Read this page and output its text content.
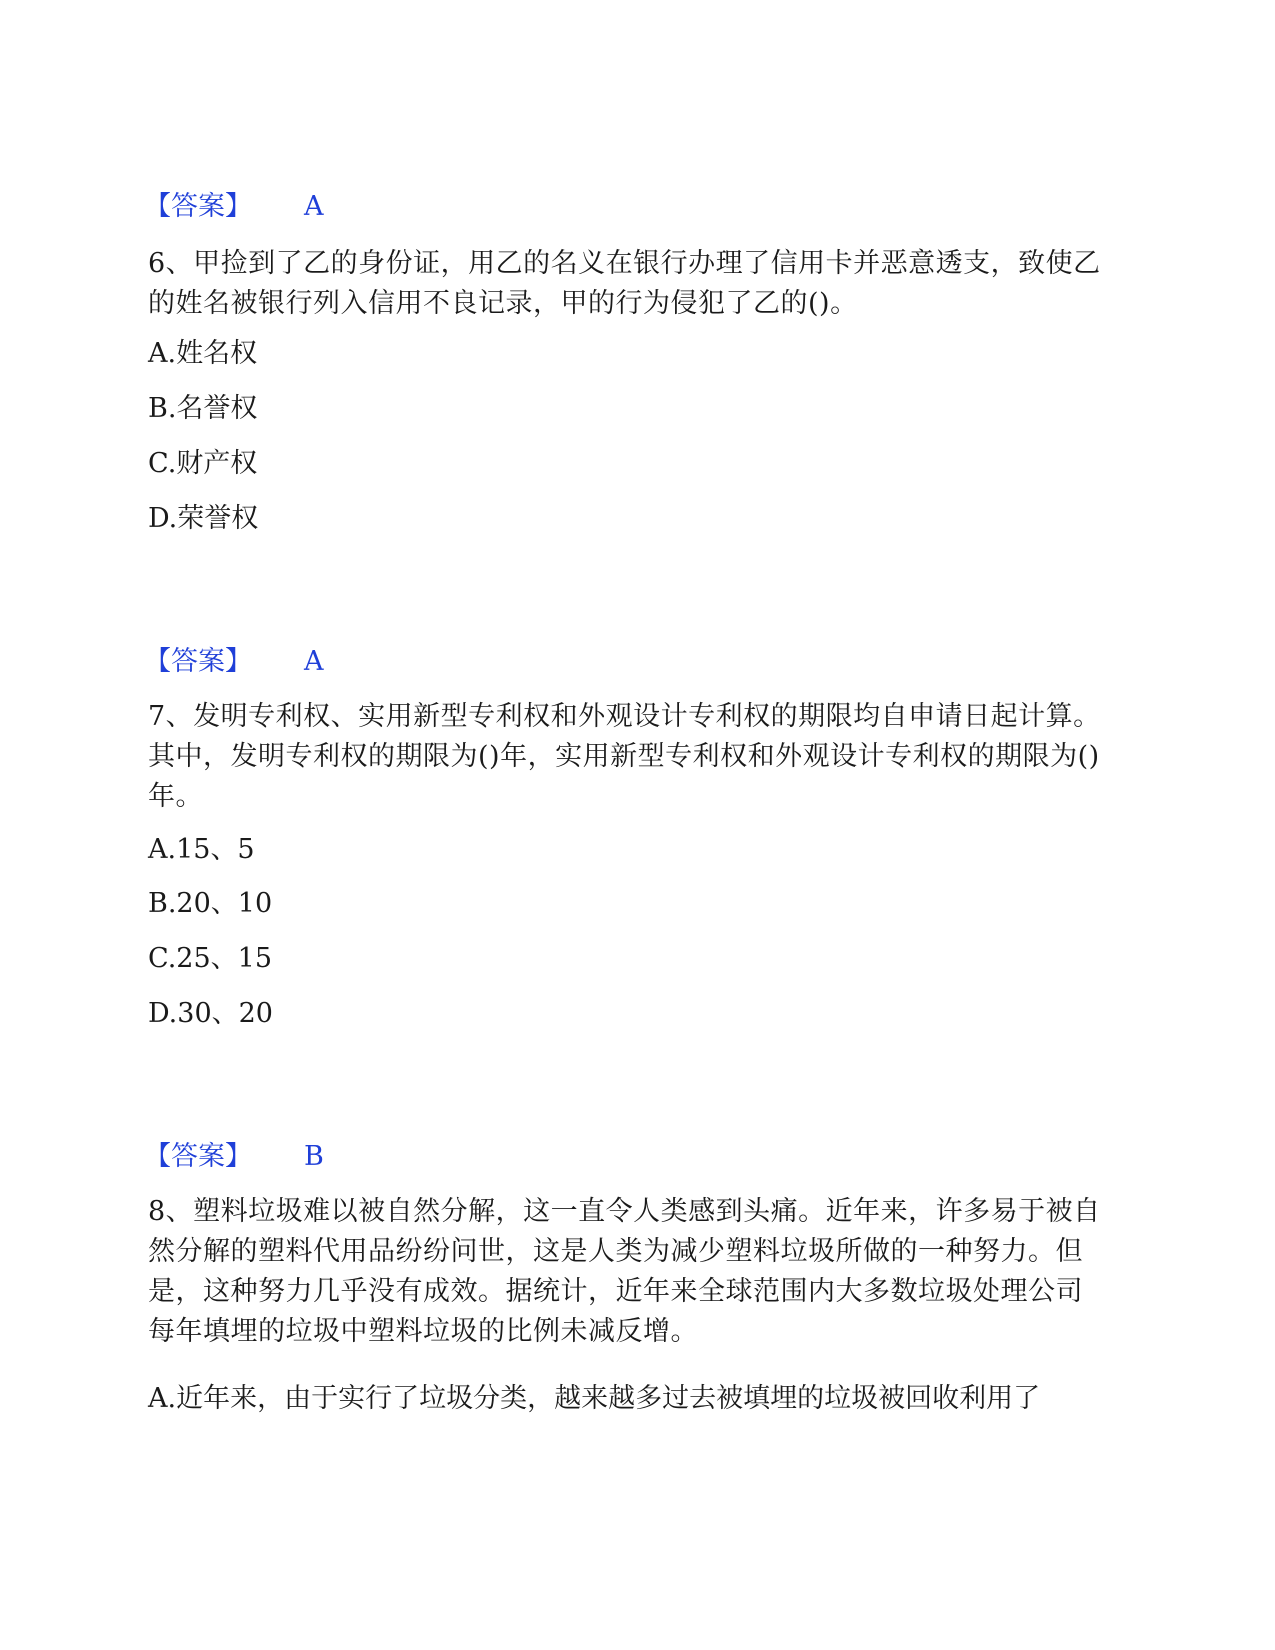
【答案】 A
6、甲捡到了乙的身份证，用乙的名义在银行办理了信用卡并恶意透支，致使乙的姓名被银行列入信用不良记录，甲的行为侵犯了乙的()。
A.姓名权
B.名誉权
C.财产权
D.荣誉权
【答案】 A
7、发明专利权、实用新型专利权和外观设计专利权的期限均自申请日起计算。其中，发明专利权的期限为()年，实用新型专利权和外观设计专利权的期限为()年。
A.15、5
B.20、10
C.25、15
D.30、20
【答案】 B
8、塑料垃圾难以被自然分解，这一直令人类感到头痛。近年来，许多易于被自然分解的塑料代用品纷纷问世，这是人类为减少塑料垃圾所做的一种努力。但是，这种努力几乎没有成效。据统计，近年来全球范围内大多数垃圾处理公司每年填埋的垃圾中塑料垃圾的比例未减反增。
A.近年来，由于实行了垃圾分类，越来越多过去被填埋的垃圾被回收利用了
